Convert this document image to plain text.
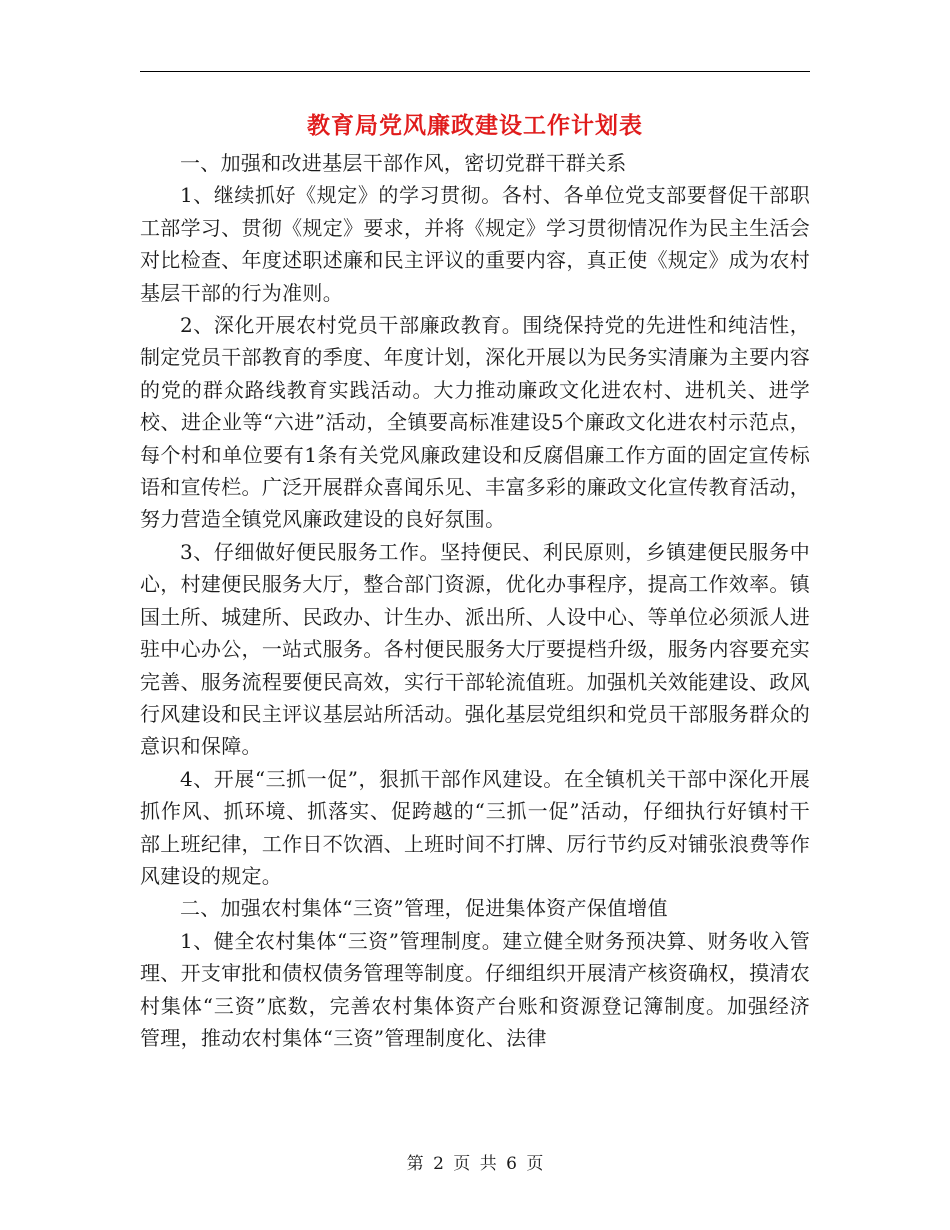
教育局党风廉政建设工作计划表

一、加强和改进基层干部作风，密切党群干群关系

1、继续抓好《规定》的学习贯彻。各村、各单位党支部要督促干部职工部学习、贯彻《规定》要求，并将《规定》学习贯彻情况作为民主生活会对比检查、年度述职述廉和民主评议的重要内容，真正使《规定》成为农村基层干部的行为准则。

2、深化开展农村党员干部廉政教育。围绕保持党的先进性和纯洁性，制定党员干部教育的季度、年度计划，深化开展以为民务实清廉为主要内容的党的群众路线教育实践活动。大力推动廉政文化进农村、进机关、进学校、进企业等“六进”活动，全镇要高标准建设5个廉政文化进农村示范点，每个村和单位要有1条有关党风廉政建设和反腐倡廉工作方面的固定宣传标语和宣传栏。广泛开展群众喜闻乐见、丰富多彩的廉政文化宣传教育活动，努力营造全镇党风廉政建设的良好氛围。

3、仔细做好便民服务工作。坚持便民、利民原则，乡镇建便民服务中心，村建便民服务大厅，整合部门资源，优化办事程序，提高工作效率。镇国土所、城建所、民政办、计生办、派出所、人设中心、等单位必须派人进驻中心办公，一站式服务。各村便民服务大厅要提档升级，服务内容要充实完善、服务流程要便民高效，实行干部轮流值班。加强机关效能建设、政风行风建设和民主评议基层站所活动。强化基层党组织和党员干部服务群众的意识和保障。

4、开展“三抓一促”，狠抓干部作风建设。在全镇机关干部中深化开展抓作风、抓环境、抓落实、促跨越的“三抓一促”活动，仔细执行好镇村干部上班纪律，工作日不饮酒、上班时间不打牌、厉行节约反对铺张浪费等作风建设的规定。

二、加强农村集体“三资”管理，促进集体资产保值增值

1、健全农村集体“三资”管理制度。建立健全财务预决算、财务收入管理、开支审批和债权债务管理等制度。仔细组织开展清产核资确权，摸清农村集体“三资”底数，完善农村集体资产台账和资源登记簿制度。加强经济管理，推动农村集体“三资”管理制度化、法律

第 2 页 共 6 页
